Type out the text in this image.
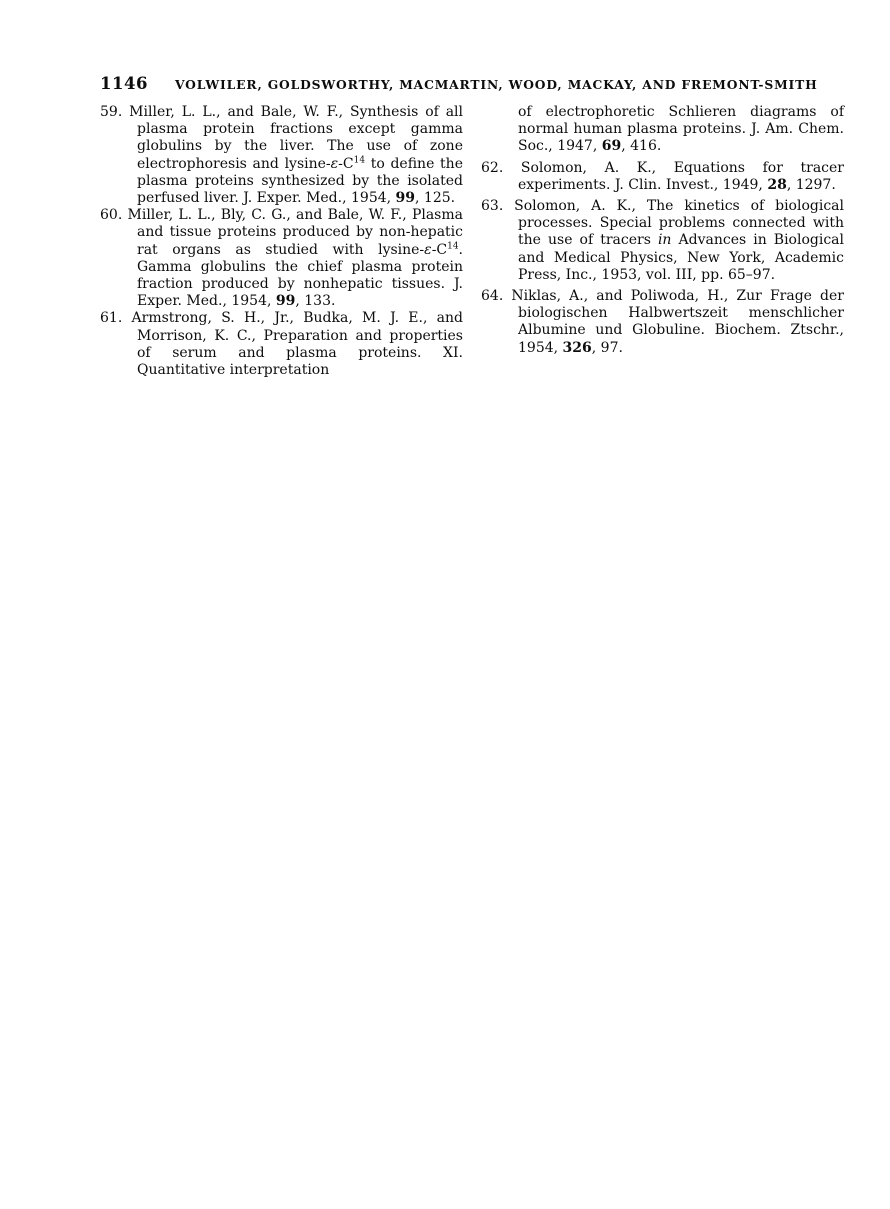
1146	VOLWILER, GOLDSWORTHY, MACMARTIN, WOOD, MACKAY, AND FREMONT-SMITH
59. Miller, L. L., and Bale, W. F., Synthesis of all plasma protein fractions except gamma globulins by the liver. The use of zone electrophoresis and lysine-$\varepsilon-C^{14}$ to define the plasma proteins synthesized by the isolated perfused liver. J. Exper. Med., 1954, 99, 125.
60. Miller, L. L., Bly, C. G., and Bale, W. F., Plasma and tissue proteins produced by non-hepatic rat organs as studied with lysine-$\varepsilon-C^{14}$. Gamma globulins the chief plasma protein fraction produced by nonhepatic tissues. J. Exper. Med., 1954, 99, 133.
61. Armstrong, S. H., Jr., Budka, M. J. E., and Morrison, K. C., Preparation and properties of serum and plasma proteins. XI. Quantitative interpretation
of electrophoretic Schlieren diagrams of normal human plasma proteins. J. Am. Chem. Soc., 1947, 69, 416.
62. Solomon, A. K., Equations for tracer experiments. J. Clin. Invest., 1949, 28, 1297.
63. Solomon, A. K., The kinetics of biological processes. Special problems connected with the use of tracers in Advances in Biological and Medical Physics, New York, Academic Press, Inc., 1953, vol. III, pp. 65–97.
64. Niklas, A., and Poliwoda, H., Zur Frage der biologischen Halbwertszeit menschlicher Albumine und Globuline. Biochem. Ztschr., 1954, 326, 97.
